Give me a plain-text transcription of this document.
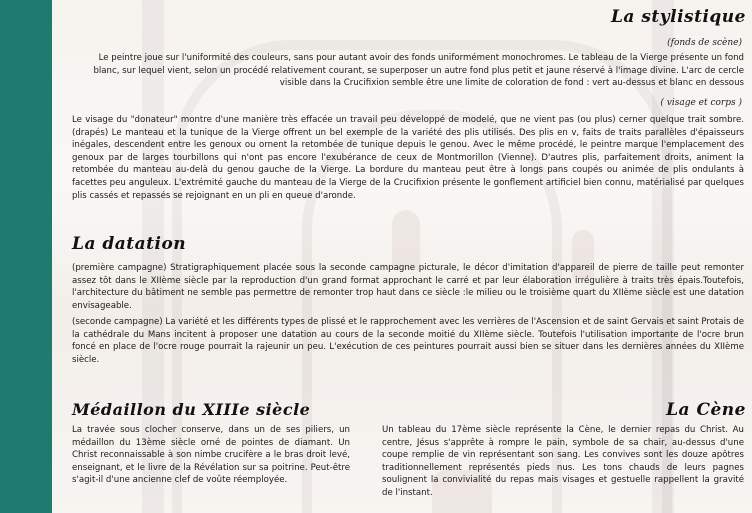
La stylistique
(fonds de scène)

Le peintre joue sur l'uniformité des couleurs, sans pour autant avoir des fonds uniformément monochromes. Le tableau de la Vierge présente un fond blanc, sur lequel vient, selon un procédé relativement courant, se superposer un autre fond plus petit et jaune réservé à l'image divine. L'arc de cercle visible dans la Crucifixion semble être une limite de coloration de fond : vert au-dessus et blanc en dessous

( visage et corps )

Le visage du "donateur" montre d'une manière très effacée un travail peu développé de modelé, que ne vient pas (ou plus) cerner quelque trait sombre. (drapés) Le manteau et la tunique de la Vierge offrent un bel exemple de la variété des plis utilisés. Des plis en v, faits de traits parallèles d'épaisseurs inégales, descendent entre les genoux ou ornent la retombée de tunique depuis le genou. Avec le même procédé, le peintre marque l'emplacement des genoux par de larges tourbillons qui n'ont pas encore l'exubérance de ceux de Montmorillon (Vienne). D'autres plis, parfaitement droits, animent la retombée du manteau au-delà du genou gauche de la Vierge. La bordure du manteau peut être à longs pans coupés ou animée de plis ondulants à facettes peu anguleux. L'extrémité gauche du manteau de la Vierge de la Crucifixion présente le gonflement artificiel bien connu, matérialisé par quelques plis cassés et repassés se rejoignant en un pli en queue d'aronde.

La datation

(première campagne) Stratigraphiquement placée sous la seconde campagne picturale, le décor d'imitation d'appareil de pierre de taille peut remonter assez tôt dans le XIIème siècle par la reproduction d'un grand format approchant le carré et par leur élaboration irrégulière à traits très épais.Toutefois, l'architecture du bâtiment ne semble pas permettre de remonter trop haut dans ce siècle :le milieu ou le troisième quart du XIIème siècle est une datation envisageable.

(seconde campagne) La variété et les différents types de plissé et le rapprochement avec les verrières de l'Ascension et de saint Gervais et saint Protais de la cathédrale du Mans incitent à proposer une datation au cours de la seconde moitié du XIIème siècle. Toutefois l'utilisation importante de l'ocre brun foncé en place de l'ocre rouge pourrait la rajeunir un peu. L'exécution de ces peintures pourrait aussi bien se situer dans les dernières années du XIIème siècle.

Médaillon du XIIIe siècle

La travée sous clocher conserve, dans un de ses piliers, un médaillon du 13ème siècle orné de pointes de diamant. Un Christ reconnaissable à son nimbe crucifère a le bras droit levé, enseignant, et le livre de la Révélation sur sa poitrine. Peut-être s'agit-il d'une ancienne clef de voûte réemployée.

La Cène

Un tableau du 17ème siècle représente la Cène, le dernier repas du Christ. Au centre, Jésus s'apprête à rompre le pain, symbole de sa chair, au-dessus d'une coupe remplie de vin représentant son sang. Les convives sont les douze apôtres traditionnellement représentés pieds nus. Les tons chauds de leurs pagnes soulignent la convivialité du repas mais visages et gestuelle rappellent la gravité de l'instant.
